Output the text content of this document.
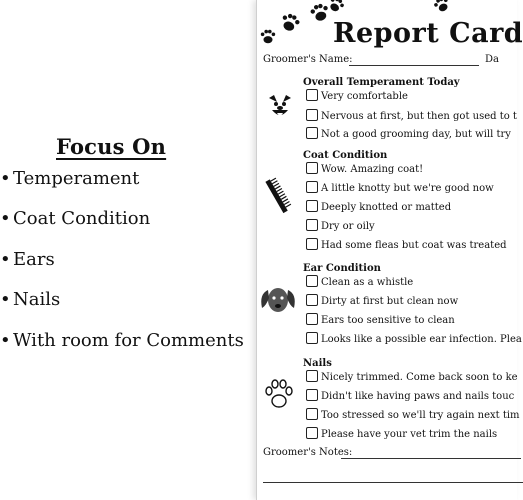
Focus On
• Temperament
• Coat Condition
• Ears
• Nails
• With room for Comments
Report Card
Groomer's Name:	Da
Overall Temperament Today
Very comfortable
Nervous at first, but then got used to t
Not a good grooming day, but will try
Coat Condition
Wow. Amazing coat!
A little knotty but we're good now
Deeply knotted or matted
Dry or oily
Had some fleas but coat was treated
Ear Condition
Clean as a whistle
Dirty at first but clean now
Ears too sensitive to clean
Looks like a possible ear infection. Plea
Nails
Nicely trimmed. Come back soon to ke
Didn't like having paws and nails touc
Too stressed so we'll try again next tim
Please have your vet trim the nails
Groomer's Notes:
